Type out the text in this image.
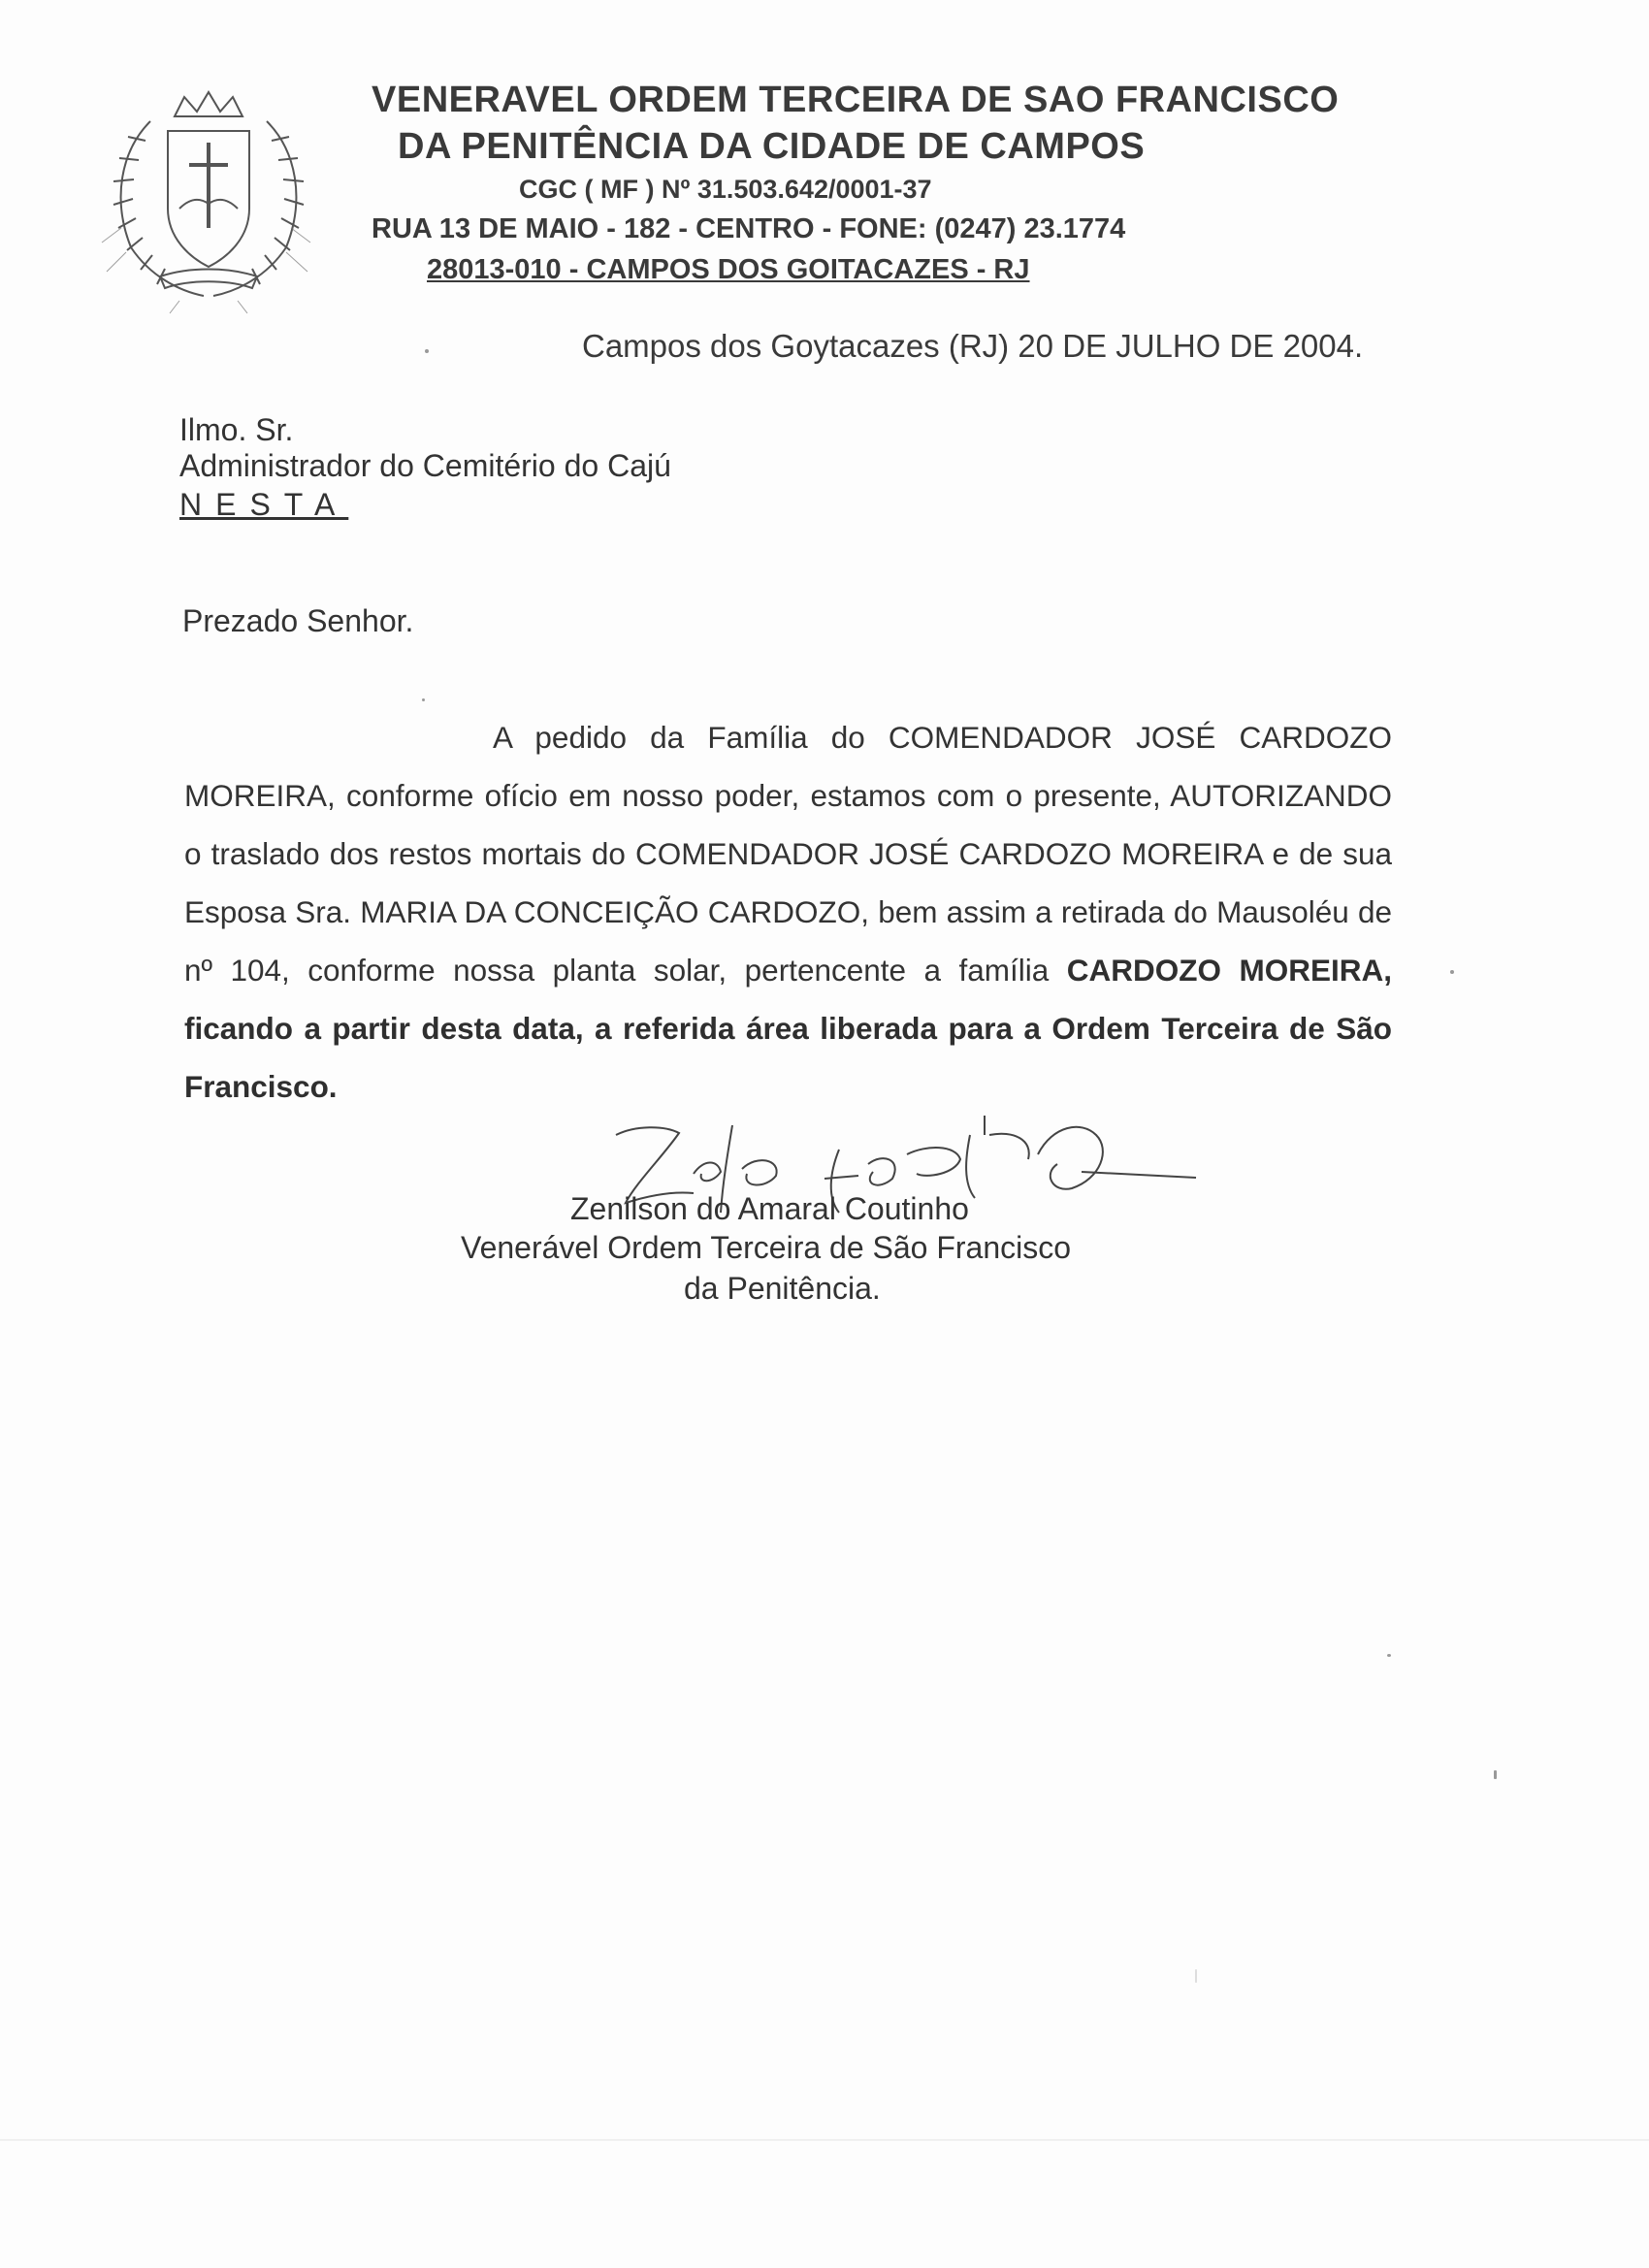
VENERAVEL ORDEM TERCEIRA DE SAO FRANCISCO
DA PENITÊNCIA DA CIDADE DE CAMPOS
CGC ( MF ) Nº 31.503.642/0001-37
RUA 13 DE MAIO - 182 - CENTRO - FONE: (0247) 23.1774
28013-010 - CAMPOS DOS GOITACAZES - RJ
Campos dos Goytacazes (RJ) 20 DE JULHO DE 2004.
Ilmo. Sr.
Administrador do Cemitério do Cajú
NESTA
Prezado Senhor.
A pedido da Família do COMENDADOR JOSÉ CARDOZO MOREIRA, conforme ofício em nosso poder, estamos com o presente, AUTORIZANDO o traslado dos restos mortais do COMENDADOR JOSÉ CARDOZO MOREIRA e de sua Esposa Sra. MARIA DA CONCEIÇÃO CARDOZO, bem assim a retirada do Mausoléu de nº 104, conforme nossa planta solar, pertencente a família CARDOZO MOREIRA, ficando a partir desta data, a referida área liberada para a Ordem Terceira de São Francisco.
Zenilson do Amaral Coutinho
Venerável Ordem Terceira de São Francisco
da Penitência.
